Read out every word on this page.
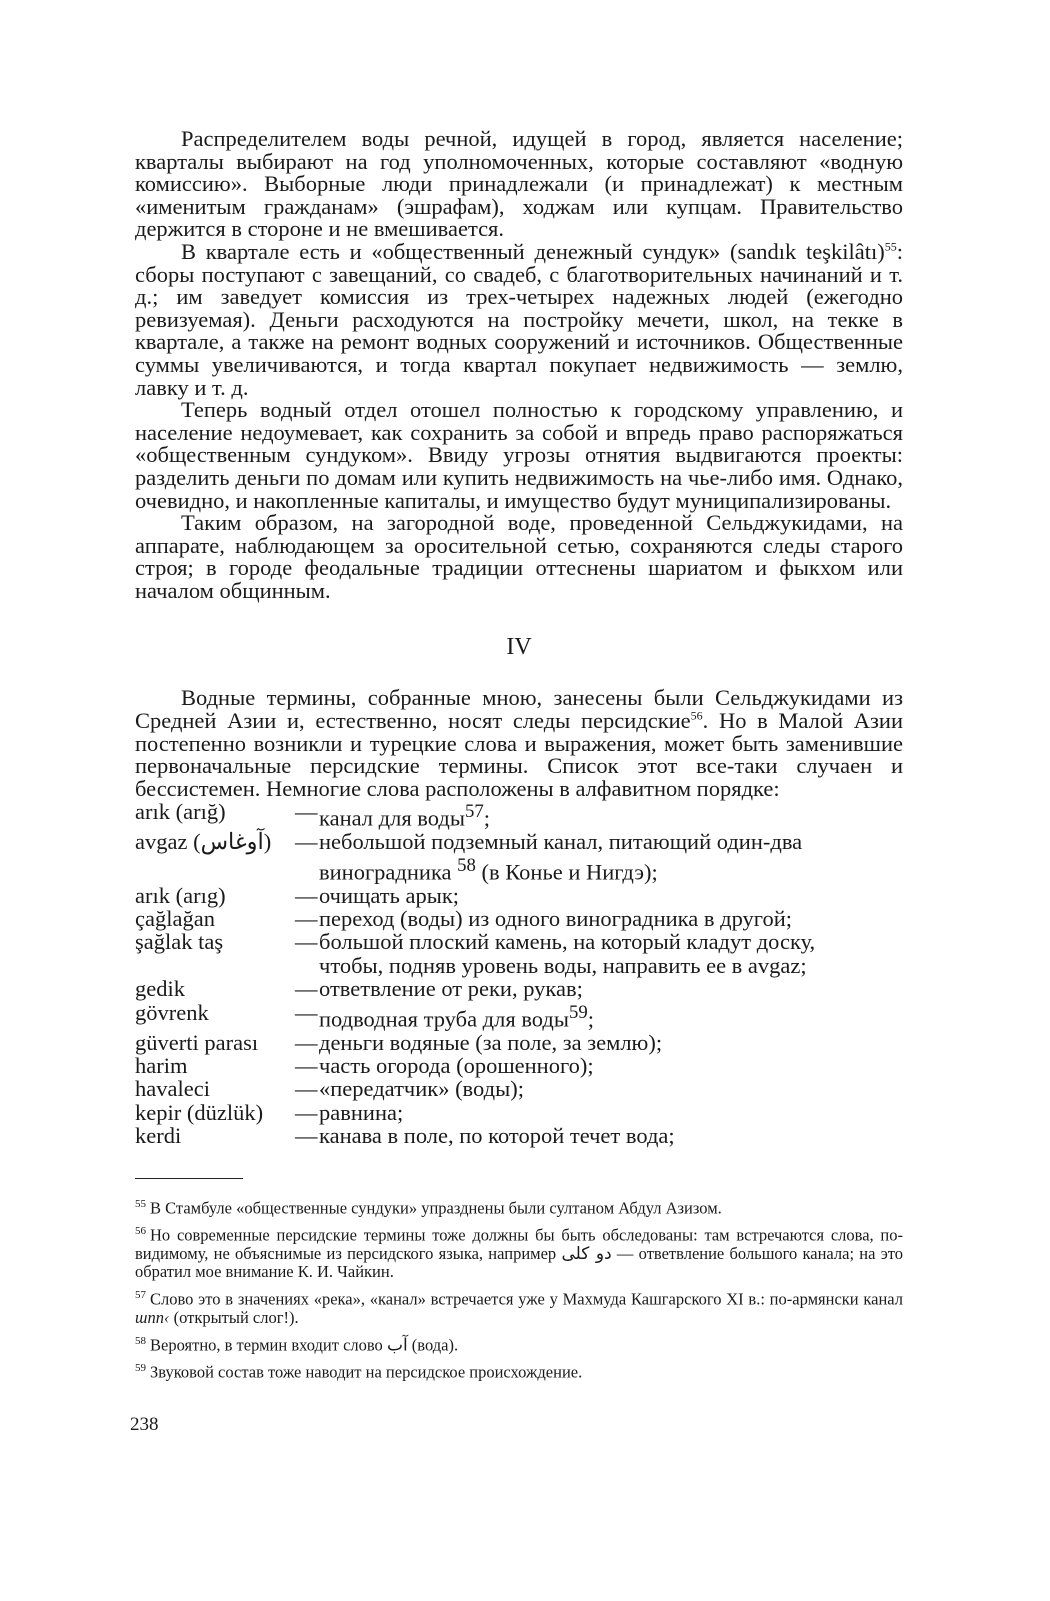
Распределителем воды речной, идущей в город, является население; кварталы выбирают на год уполномоченных, которые составляют «водную комиссию». Выборные люди принадлежали (и принадлежат) к местным «именитым гражданам» (эшрафам), ходжам или купцам. Правительство держится в стороне и не вмешивается.

В квартале есть и «общественный денежный сундук» (sandık teşkilâtı)$^{55}$: сборы поступают с завещаний, со свадеб, с благотворительных начинаний и т. д.; им заведует комиссия из трех-четырех надежных людей (ежегодно ревизуемая). Деньги расходуются на постройку мечети, школ, на текке в квартале, а также на ремонт водных сооружений и источников. Общественные суммы увеличиваются, и тогда квартал покупает недвижимость — землю, лавку и т. д.

Теперь водный отдел отошел полностью к городскому управлению, и население недоумевает, как сохранить за собой и впредь право распоряжаться «общественным сундуком». Ввиду угрозы отнятия выдвигаются проекты: разделить деньги по домам или купить недвижимость на чье-либо имя. Однако, очевидно, и накопленные капиталы, и имущество будут муниципализированы.

Таким образом, на загородной воде, проведенной Сельджукидами, на аппарате, наблюдающем за оросительной сетью, сохраняются следы старого строя; в городе феодальные традиции оттеснены шариатом и фыкхом или началом общинным.

IV

Водные термины, собранные мною, занесены были Сельджукидами из Средней Азии и, естественно, носят следы персидские$^{56}$. Но в Малой Азии постепенно возникли и турецкие слова и выражения, может быть заменившие первоначальные персидские термины. Список этот все-таки случаен и бессистемен. Немногие слова расположены в алфавитном порядке:

arık (arığ)	— канал для воды$^{57}$;
avgaz (آوغاس)	— небольшой подземный канал, питающий один-два
виноградника $^{58}$ (в Конье и Нигдэ);
arık (arıg)	— очищать арык;
çağlağan	— переход (воды) из одного виноградника в другой;
şağlak taş	— большой плоский камень, на который кладут доску,
чтобы, подняв уровень воды, направить ее в avgaz;
gedik	— ответвление от реки, рукав;
gövrenk	— подводная труба для воды$^{59}$;
güverti parası	— деньги водяные (за поле, за землю);
harim	— часть огорода (орошенного);
havaleci	— «передатчик» (воды);
kepir (düzlük)	— равнина;
kerdi	— канава в поле, по которой течет вода;

$^{55}$ В Стамбуле «общественные сундуки» упразднены были султаном Абдул Азизом.

$^{56}$ Но современные персидские термины тоже должны бы быть обследованы: там встречаются слова, по-видимому, не объяснимые из персидского языка, например دو کلی — ответвление большого канала; на это обратил мое внимание К. И. Чайкин.

$^{57}$ Слово это в значениях «река», «канал» встречается уже у Махмуда Кашгарского XI в.: по-армянски канал шпп‹ (открытый слог!).

$^{58}$ Вероятно, в термин входит слово آب (вода).

$^{59}$ Звуковой состав тоже наводит на персидское происхождение.

238
